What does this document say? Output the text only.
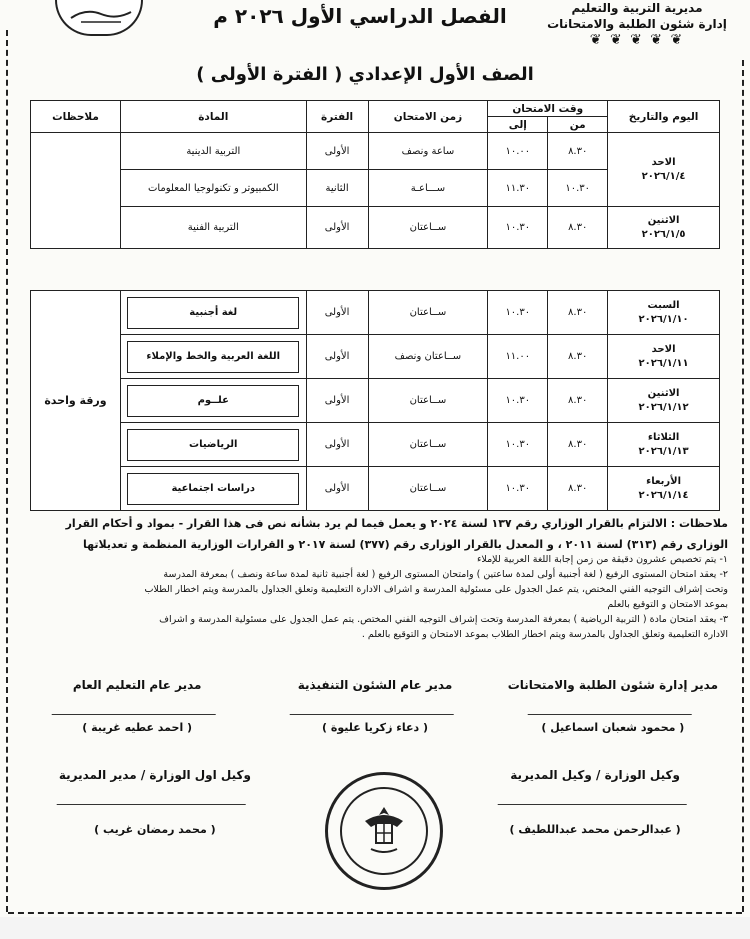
مديرية التربية والتعليم
إدارة شئون الطلبة والامتحانات
❦ ❦ ❦ ❦ ❦
الفصل الدراسي الأول ٢٠٢٦ م
الصف الأول الإعدادي ( الفترة الأولى )
اليوم والتاريخ	وقت الامتحان		زمن الامتحان	الفترة	المادة	ملاحظات
	من	إلى				

الاحد
٢٠٢٦/١/٤	٨.٣٠	١٠.٠٠	ساعة ونصف	الأولى	التربية الدينية	
	١٠.٣٠	١١.٣٠	ســـاعـة	الثانية	الكمبيوتر و تكنولوجيا المعلومات	

الاثنين
٢٠٢٦/١/٥	٨.٣٠	١٠.٣٠	ســاعتان	الأولى	التربية الفنية	
السبت
٢٠٢٦/١/١٠	٨.٣٠	١٠.٣٠	ســاعتان	الأولى	لغة أجنبية	ورقة واحدة

الاحد
٢٠٢٦/١/١١	٨.٣٠	١١.٠٠	ســاعتان ونصف	الأولى	اللغة العربية والخط والإملاء	

الاثنين
٢٠٢٦/١/١٢	٨.٣٠	١٠.٣٠	ســاعتان	الأولى	علــوم	

الثلاثاء
٢٠٢٦/١/١٣	٨.٣٠	١٠.٣٠	ســاعتان	الأولى	الرياضيات	

الأربعاء
٢٠٢٦/١/١٤	٨.٣٠	١٠.٣٠	ســاعتان	الأولى	دراسات اجتماعية	
ملاحظات : الالتزام بالقرار الوزاري رقم ١٣٧ لسنة ٢٠٢٤ و يعمل فيما لم يرد بشأنه نص فى هذا القرار - بمواد و أحكام القرار
الوزارى رقم (٣١٣) لسنة ٢٠١١ ، و المعدل بالقرار الوزارى رقم (٣٧٧) لسنة ٢٠١٧ و القرارات الوزارية المنظمة و تعديلاتها
١- يتم تخصيص عشرون دقيقة من زمن إجابة اللغة العربية للإملاء
٢- يعقد امتحان المستوى الرفيع ( لغة أجنبية أولى لمدة ساعتين ) وامتحان المستوى الرفيع ( لغة أجنبية ثانية لمدة ساعة ونصف ) بمعرفة المدرسة
وتحت إشراف التوجيه الفني المختص، يتم عمل الجدول على مسئولية المدرسة و اشراف الادارة التعليمية وتعلق الجداول بالمدرسة ويتم اخطار الطلاب
بموعد الامتحان و التوقيع بالعلم
٣- يعقد امتحان مادة ( التربية الرياضية ) بمعرفة المدرسة وتحت إشراف التوجيه الفني المختص. يتم عمل الجدول على مسئولية المدرسة و اشراف
الادارة التعليمية وتعلق الجداول بالمدرسة ويتم اخطار الطلاب بموعد الامتحان و التوقيع بالعلم .
مدير إدارة شئون الطلبة والامتحانات
( محمود شعبان اسماعيل )
مدير عام الشئون التنفيذية
( دعاء زكريا عليوة )
مدير عام التعليم العام
( احمد عطيه غريبة )
وكيل الوزارة / وكيل المديرية
( عبدالرحمن محمد عبداللطيف )
وكيل اول الوزارة / مدير المديرية
( محمد رمضان غريب )
